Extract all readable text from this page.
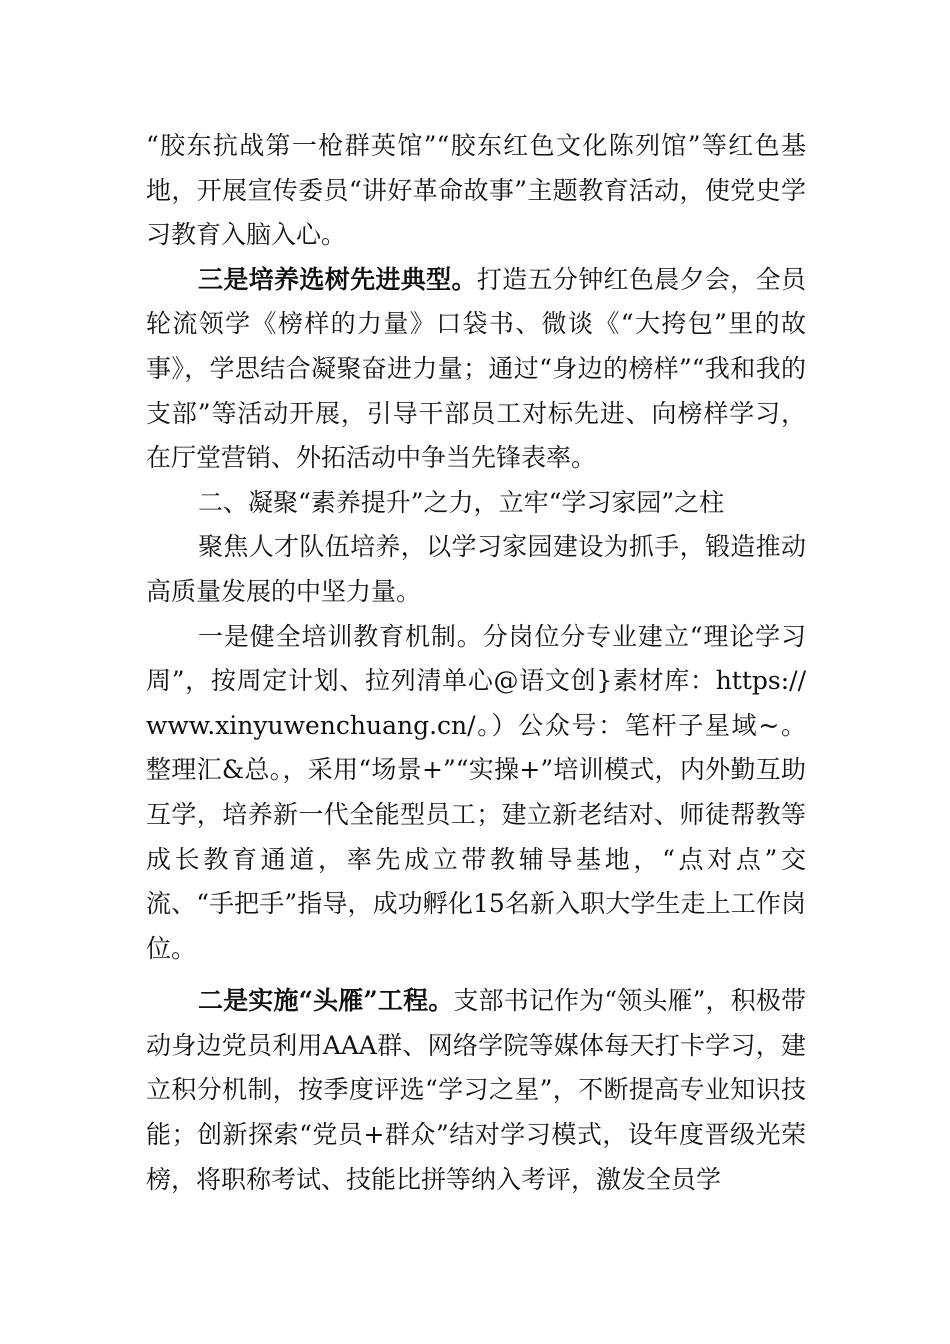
“胶东抗战第一枪群英馆”“胶东红色文化陈列馆”等红色基地，开展宣传委员“讲好革命故事”主题教育活动，使党史学习教育入脑入心。

三是培养选树先进典型。打造五分钟红色晨夕会，全员轮流领学《榜样的力量》口袋书、微谈《“大挎包”里的故事》，学思结合凝聚奋进力量；通过“身边的榜样”“我和我的支部”等活动开展，引导干部员工对标先进、向榜样学习，在厅堂营销、外拓活动中争当先锋表率。

二、凝聚“素养提升”之力，立牢“学习家园”之柱

聚焦人才队伍培养，以学习家园建设为抓手，锻造推动高质量发展的中坚力量。

一是健全培训教育机制。分岗位分专业建立“理论学习周”，按周定计划、拉列清单心@语文创}素材库：https://www.xinyuwenchuang.cn/。）公众号：笔杆子星域~。整理汇&总。，采用“场景+”“实操+”培训模式，内外勤互助互学，培养新一代全能型员工；建立新老结对、师徒帮教等成长教育通道，率先成立带教辅导基地，“点对点”交流、“手把手”指导，成功孵化15名新入职大学生走上工作岗位。

二是实施“头雁”工程。支部书记作为“领头雁”，积极带动身边党员利用AAA群、网络学院等媒体每天打卡学习，建立积分机制，按季度评选“学习之星”，不断提高专业知识技能；创新探索“党员+群众”结对学习模式，设年度晋级光荣榜，将职称考试、技能比拼等纳入考评，激发全员学
